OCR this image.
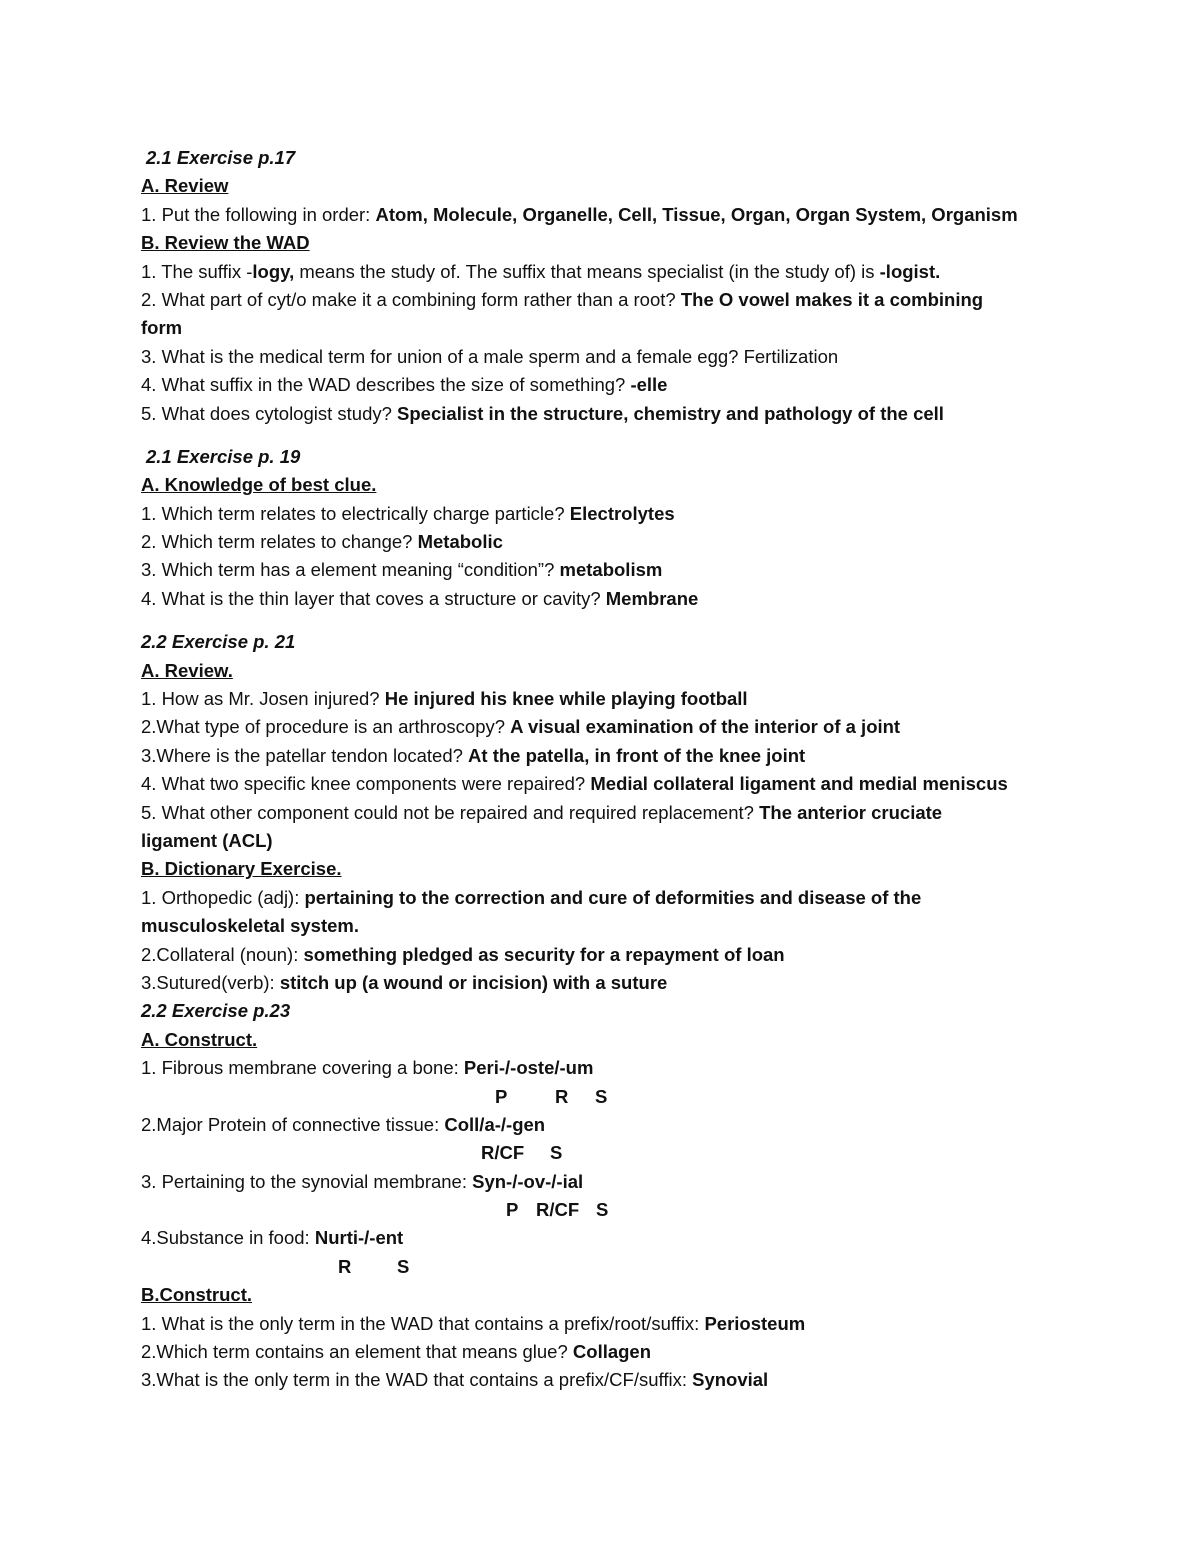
2.1 Exercise p.17
A. Review
1. Put the following in order: Atom, Molecule, Organelle, Cell, Tissue, Organ, Organ System, Organism
B. Review the WAD
1. The suffix -logy, means the study of. The suffix that means specialist (in the study of) is -logist.
2. What part of cyt/o make it a combining form rather than a root? The O vowel makes it a combining
form
3. What is the medical term for union of a male sperm and a female egg? Fertilization
4. What suffix in the WAD describes the size of something? -elle
5. What does cytologist study? Specialist in the structure, chemistry and pathology of the cell
2.1 Exercise p. 19
A. Knowledge of best clue.
1. Which term relates to electrically charge particle? Electrolytes
2. Which term relates to change? Metabolic
3. Which term has a element meaning “condition”? metabolism
4. What is the thin layer that coves a structure or cavity? Membrane
2.2 Exercise p. 21
A. Review.
1. How as Mr. Josen injured? He injured his knee while playing football
2.What type of procedure is an arthroscopy? A visual examination of the interior of a joint
3.Where is the patellar tendon located? At the patella, in front of the knee joint
4. What two specific knee components were repaired? Medial collateral ligament and medial meniscus
5. What other component could not be repaired and required replacement? The anterior cruciate
ligament (ACL)
B. Dictionary Exercise.
1. Orthopedic (adj): pertaining to the correction and cure of deformities and disease of the
musculoskeletal system.
2.Collateral (noun): something pledged as security for a repayment of loan
3.Sutured(verb): stitch up (a wound or incision) with a suture
2.2 Exercise p.23
A. Construct.
1. Fibrous membrane covering a bone: Peri-/-oste/-um
P	R S
2.Major Protein of connective tissue: Coll/a-/-gen
R/CF S
3. Pertaining to the synovial membrane: Syn-/-ov-/-ial
P R/CF S
4.Substance in food: Nurti-/-ent
R S
B.Construct.
1. What is the only term in the WAD that contains a prefix/root/suffix: Periosteum
2.Which term contains an element that means glue? Collagen
3.What is the only term in the WAD that contains a prefix/CF/suffix: Synovial
